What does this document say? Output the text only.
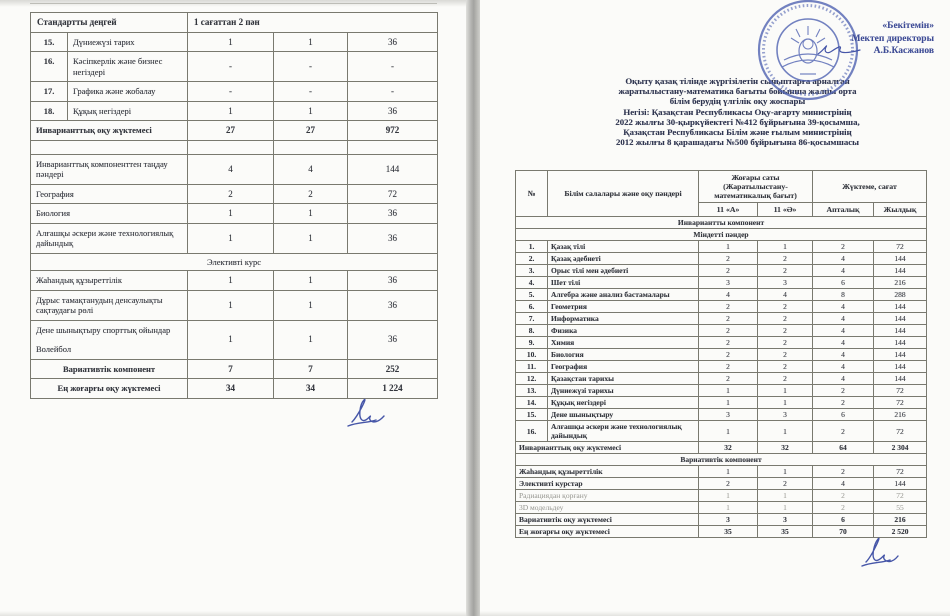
Стандартты деңгей		1 сағаттан 2 пән		
15.	Дүниежүзі тарих	1	1	36
16.	Кәсіпкерлік және бизнес негіздері	-	-	-
17.	Графика және жобалау	-	-	-
18.	Құқық негіздері	1	1	36
Инварианттық оқу жүктемесі		27	27	972

Инварианттық компоненттен таңдау пәндері		4	4	144
География		2	2	72
Биология		1	1	36
Алғашқы әскери және технологиялық дайындық		1	1	36
Элективті курс				
Жаһандық құзыреттілік		1	1	36
Дұрыс тамақтанудың денсаулықты сақтаудағы рөлі		1	1	36
Дене шынықтыру спорттық ойындар
Волейбол		1	1	36
Вариативтік компонент		7	7	252
Ең жоғарғы оқу жүктемесі		34	34	1 224
«Бекітемін»
Мектеп директоры
А.Б.Касжанов
Оқыту қазақ тілінде жүргізілетін сыныптарға арналған
жаратылыстану-математика бағыты бойынша жалпы орта
білім берудің үлгілік оқу жоспары
Негізі: Қазақстан Республикасы Оқу-ағарту министрінің
2022 жылғы 30-қыркүйектегі №412 бұйрығына 39-қосымша,
Қазақстан Республикасы Білім және ғылым министрінің
2012 жылғы 8 қарашадағы №500 бұйрығына 86-қосымшасы
№	Білім салалары және оқу пәндері	Жоғары саты (Жаратылыстану-математикалық бағыт)		Жүктеме, сағат	
		11 «А»	11 «Ә»	Апталық	Жылдық
Инвариантты компонент					
Міндетті пәндер					
1.	Қазақ тілі	1	1	2	72
2.	Қазақ әдебиеті	2	2	4	144
3.	Орыс тілі мен әдебиеті	2	2	4	144
4.	Шет тілі	3	3	6	216
5.	Алгебра және анализ бастамалары	4	4	8	288
6.	Геометрия	2	2	4	144
7.	Информатика	2	2	4	144
8.	Физика	2	2	4	144
9.	Химия	2	2	4	144
10.	Биология	2	2	4	144
11.	География	2	2	4	144
12.	Қазақстан тарихы	2	2	4	144
13.	Дүниежүзі тарихы	1	1	2	72
14.	Құқық негіздері	1	1	2	72
15.	Дене шынықтыру	3	3	6	216
16.	Алғашқы әскери және технологиялық дайындық	1	1	2	72
Инварианттық оқу жүктемесі		32	32	64	2 304
Вариативтік компонент					
Жаһандық құзыреттілік		1	1	2	72
Элективті курстар		2	2	4	144
Радиациядан қорғану		1	1	2	72
3D модельдеу		1	1	2	55
Вариативтік оқу жүктемесі		3	3	6	216
Ең жоғарғы оқу жүктемесі		35	35	70	2 520
